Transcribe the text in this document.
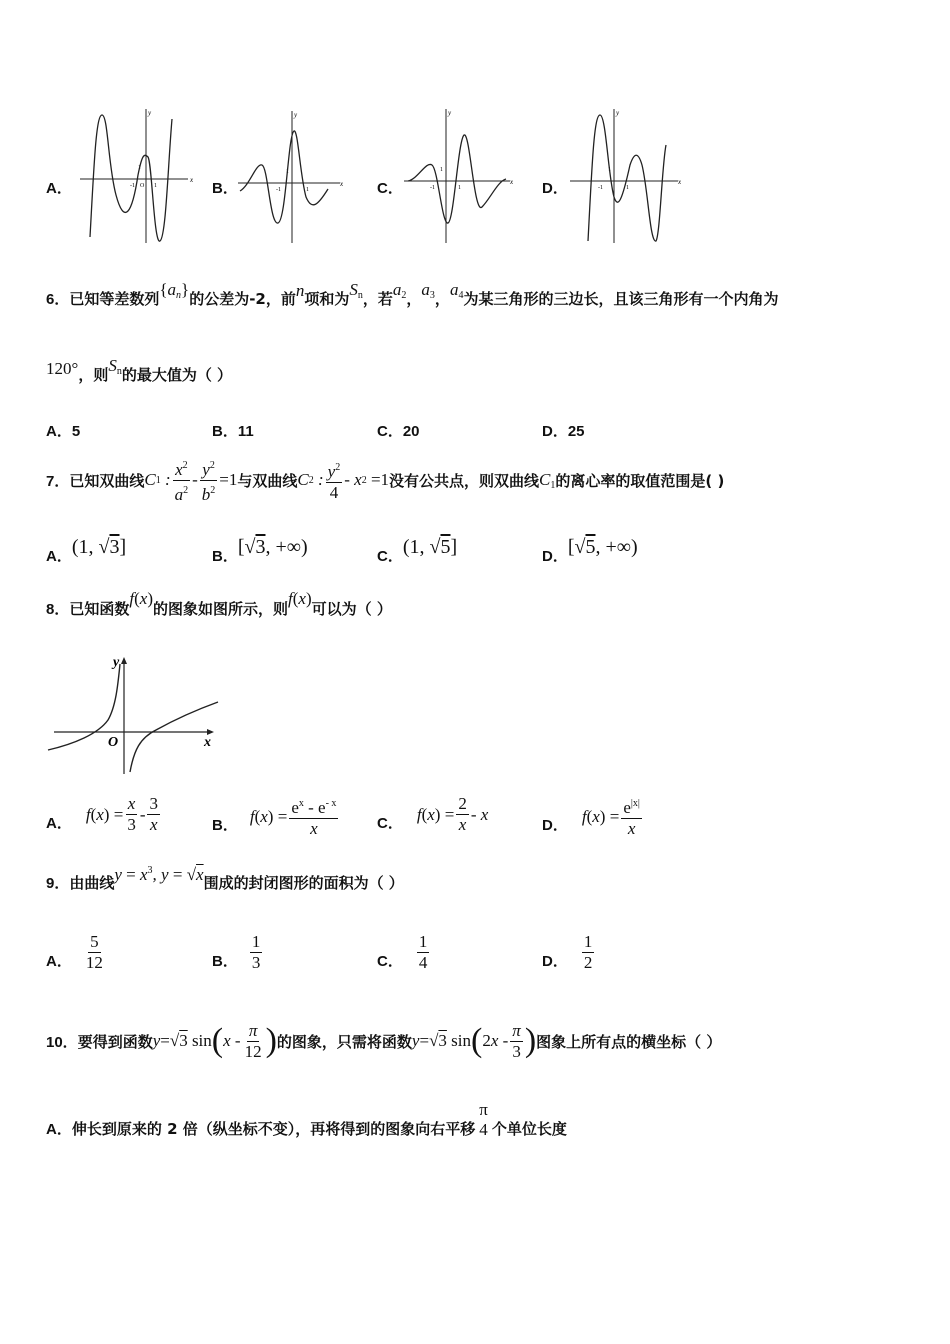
A．	x
y
-1 O 1
1
B．	x
y
-1	1
1
C．	x
y
-1	1
1
D．	x
y
-1	1
1
6． 已知等差数列 $\{a_n\}$ 的公差为-2，前 n 项和为 $S_n$ ，若 $a_2$ ， $a_3$ ， $a_4$ 为某三角形的三边长，且该三角形有一个内角为
120° ，则 $S_n$ 的最大值为（ ）
A．5	B．11	C．20	D．25
7． 已知双曲线 C 1 : $\frac{x^2}{a^2} - \frac{y^2}{b^2} =1$ 与双曲线 C 2 : $\frac{y^2}{4}$ - x 2
=1 没有公共点，则双曲线 $C_1$ 的离心率的取值范围是( )
A． (1, √3]	B． [√3, +∞)	C． (1, √5]	D． [√5, +∞)
8． 已知函数
f(x)
的图象如图所示，则
f(x)
可以为（ ）
y
x
O
A． f ( x )
= $\frac{x}{3} - \frac{3}{x}$	B． f ( x )
= $\frac{e^x - e^{- x}}{x}$	C． f ( x )
= $\frac{2}{x}$ - x
D． f ( x )
= $\frac{e^{|x|}}{x}$
9． 由曲线 $y = x^3$, y = √x 围成的封闭图形的面积为（ ）
A． $\frac{5}{12}$	B． $\frac{1}{3}$	C． $\frac{1}{4}$	D． $\frac{1}{2}$
10． 要得到函数 y = √3 sin ( x - $\frac{\pi}{12}$ ) 的图象，只需将函数 y = √3 sin ( 2 x - $\frac{\pi}{3}$ ) 图象上所有点的横坐标（ ）
A． 伸长到原来的 2 倍（纵坐标不变），再将得到的图象向右平移
π
4 个单位长度
